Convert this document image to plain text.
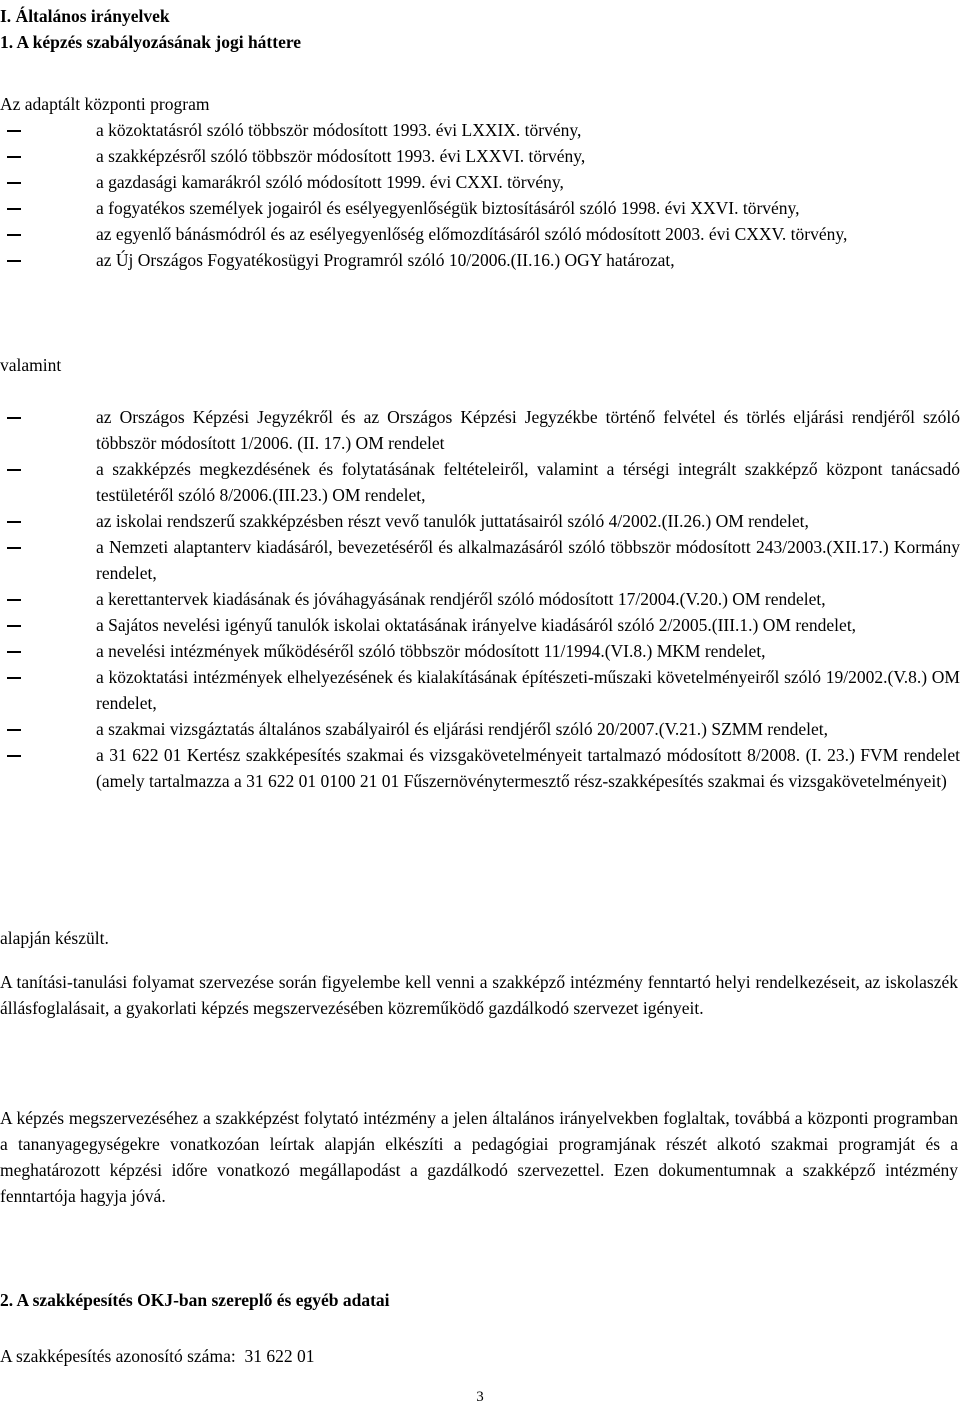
I. Általános irányelvek
1. A képzés szabályozásának jogi háttere
Az adaptált központi program
a közoktatásról szóló többször módosított 1993. évi LXXIX. törvény,
a szakképzésről szóló többször módosított 1993. évi LXXVI. törvény,
a gazdasági kamarákról szóló módosított 1999. évi CXXI. törvény,
a fogyatékos személyek jogairól és esélyegyenlőségük biztosításáról szóló 1998. évi XXVI. törvény,
az egyenlő bánásmódról és az esélyegyenlőség előmozdításáról szóló módosított 2003. évi CXXV. törvény,
az Új Országos Fogyatékosügyi Programról szóló 10/2006.(II.16.) OGY határozat,
valamint
az Országos Képzési Jegyzékről és az Országos Képzési Jegyzékbe történő felvétel és törlés eljárási rendjéről szóló többször módosított 1/2006. (II. 17.) OM rendelet
a szakképzés megkezdésének és folytatásának feltételeiről, valamint a térségi integrált szakképző központ tanácsadó testületéről szóló 8/2006.(III.23.) OM rendelet,
az iskolai rendszerű szakképzésben részt vevő tanulók juttatásairól szóló 4/2002.(II.26.) OM rendelet,
a Nemzeti alaptanterv kiadásáról, bevezetéséről és alkalmazásáról szóló többször módosított 243/2003.(XII.17.) Kormány rendelet,
a kerettantervek kiadásának és jóváhagyásának rendjéről szóló módosított 17/2004.(V.20.) OM rendelet,
a Sajátos nevelési igényű tanulók iskolai oktatásának irányelve kiadásáról szóló 2/2005.(III.1.) OM rendelet,
a nevelési intézmények működéséről szóló többször módosított 11/1994.(VI.8.) MKM rendelet,
a közoktatási intézmények elhelyezésének és kialakításának építészeti-műszaki követelményeiről szóló 19/2002.(V.8.) OM rendelet,
a szakmai vizsgáztatás általános szabályairól és eljárási rendjéről szóló 20/2007.(V.21.) SZMM rendelet,
a 31 622 01 Kertész szakképesítés szakmai és vizsgakövetelményeit tartalmazó módosított 8/2008. (I. 23.) FVM rendelet (amely tartalmazza a 31 622 01 0100 21 01 Fűszernövénytermesztő rész-szakképesítés szakmai és vizsgakövetelményeit)
alapján készült.
A tanítási-tanulási folyamat szervezése során figyelembe kell venni a szakképző intézmény fenntartó helyi rendelkezéseit, az iskolaszék állásfoglalásait, a gyakorlati képzés megszervezésében közreműködő gazdálkodó szervezet igényeit.
A képzés megszervezéséhez a szakképzést folytató intézmény a jelen általános irányelvekben foglaltak, továbbá a központi programban a tananyagegységekre vonatkozóan leírtak alapján elkészíti a pedagógiai programjának részét alkotó szakmai programját és a meghatározott képzési időre vonatkozó megállapodást a gazdálkodó szervezettel. Ezen dokumentumnak a szakképző intézmény fenntartója hagyja jóvá.
2. A szakképesítés OKJ-ban szereplő és egyéb adatai
A szakképesítés azonosító száma:  31 622 01
3
